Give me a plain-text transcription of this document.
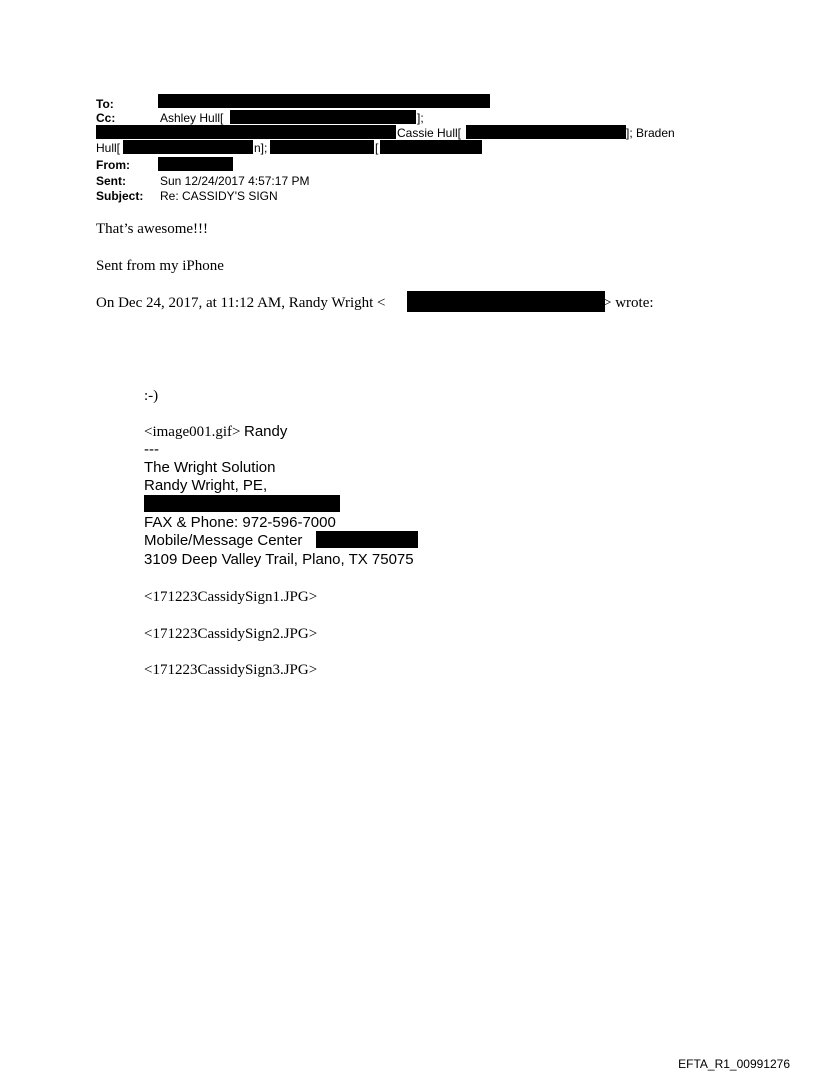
To:
Cc:	Ashley Hull[	];
Cassie Hull[	]; Braden
Hull[	n];	[
From:
Sent:	Sun 12/24/2017 4:57:17 PM
Subject: Re: CASSIDY'S SIGN
That’s awesome!!!
Sent from my iPhone
On Dec 24, 2017, at 11:12 AM, Randy Wright <	> wrote:
:-)
<image001.gif> Randy
---
The Wright Solution
Randy Wright, PE,
FAX & Phone: 972-596-7000
Mobile/Message Center
3109 Deep Valley Trail, Plano, TX 75075
<171223CassidySign1.JPG>
<171223CassidySign2.JPG>
<171223CassidySign3.JPG>
EFTA_R1_00991276
